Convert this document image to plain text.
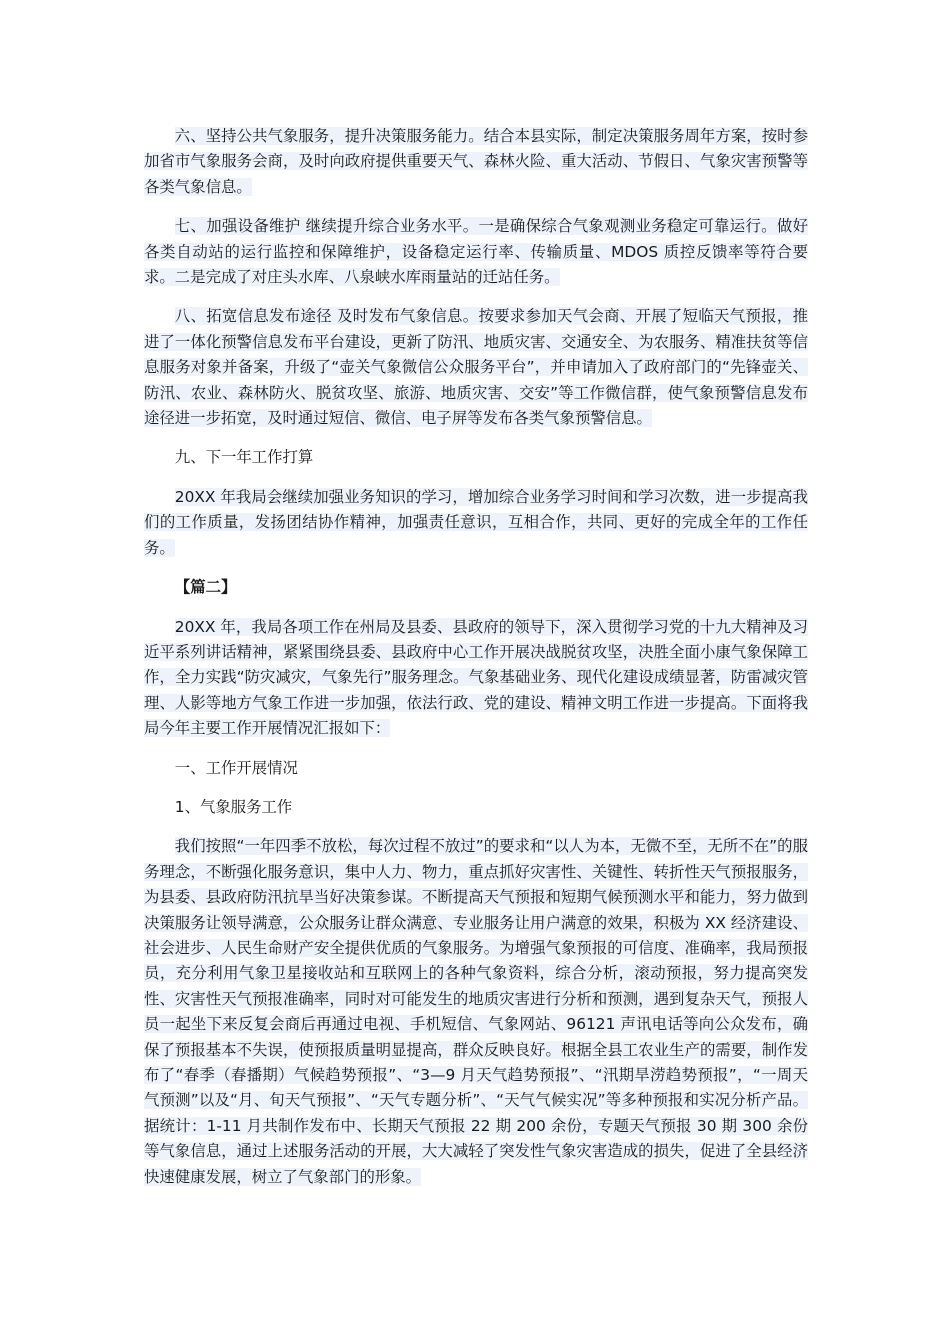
六、坚持公共气象服务，提升决策服务能力。结合本县实际，制定决策服务周年方案，按时参加省市气象服务会商，及时向政府提供重要天气、森林火险、重大活动、节假日、气象灾害预警等各类气象信息。

七、加强设备维护 继续提升综合业务水平。一是确保综合气象观测业务稳定可靠运行。做好各类自动站的运行监控和保障维护，设备稳定运行率、传输质量、MDOS 质控反馈率等符合要求。二是完成了对庄头水库、八泉峡水库雨量站的迁站任务。

八、拓宽信息发布途径 及时发布气象信息。按要求参加天气会商、开展了短临天气预报，推进了一体化预警信息发布平台建设，更新了防汛、地质灾害、交通安全、为农服务、精准扶贫等信息服务对象并备案，升级了“壶关气象微信公众服务平台”，并申请加入了政府部门的“先锋壶关、防汛、农业、森林防火、脱贫攻坚、旅游、地质灾害、交安”等工作微信群，使气象预警信息发布途径进一步拓宽，及时通过短信、微信、电子屏等发布各类气象预警信息。

九、下一年工作打算

20XX 年我局会继续加强业务知识的学习，增加综合业务学习时间和学习次数，进一步提高我们的工作质量，发扬团结协作精神，加强责任意识，互相合作，共同、更好的完成全年的工作任务。

【篇二】

20XX 年，我局各项工作在州局及县委、县政府的领导下，深入贯彻学习党的十九大精神及习近平系列讲话精神，紧紧围绕县委、县政府中心工作开展决战脱贫攻坚，决胜全面小康气象保障工作，全力实践“防灾减灾，气象先行”服务理念。气象基础业务、现代化建设成绩显著，防雷减灾管理、人影等地方气象工作进一步加强，依法行政、党的建设、精神文明工作进一步提高。下面将我局今年主要工作开展情况汇报如下：

一、工作开展情况

1、气象服务工作

我们按照“一年四季不放松，每次过程不放过”的要求和“以人为本，无微不至，无所不在”的服务理念，不断强化服务意识，集中人力、物力，重点抓好灾害性、关键性、转折性天气预报服务，为县委、县政府防汛抗旱当好决策参谋。不断提高天气预报和短期气候预测水平和能力，努力做到决策服务让领导满意，公众服务让群众满意、专业服务让用户满意的效果，积极为 XX 经济建设、社会进步、人民生命财产安全提供优质的气象服务。为增强气象预报的可信度、准确率，我局预报员，充分利用气象卫星接收站和互联网上的各种气象资料，综合分析，滚动预报，努力提高突发性、灾害性天气预报准确率，同时对可能发生的地质灾害进行分析和预测，遇到复杂天气，预报人员一起坐下来反复会商后再通过电视、手机短信、气象网站、96121 声讯电话等向公众发布，确保了预报基本不失误，使预报质量明显提高，群众反映良好。根据全县工农业生产的需要，制作发布了“春季（春播期）气候趋势预报”、“3—9 月天气趋势预报”、“汛期旱涝趋势预报”，“一周天气预测”以及“月、旬天气预报”、“天气专题分析”、“天气气候实况”等多种预报和实况分析产品。据统计：1-11 月共制作发布中、长期天气预报 22 期 200 余份，专题天气预报 30 期 300 余份等气象信息，通过上述服务活动的开展，大大减轻了突发性气象灾害造成的损失，促进了全县经济快速健康发展，树立了气象部门的形象。
